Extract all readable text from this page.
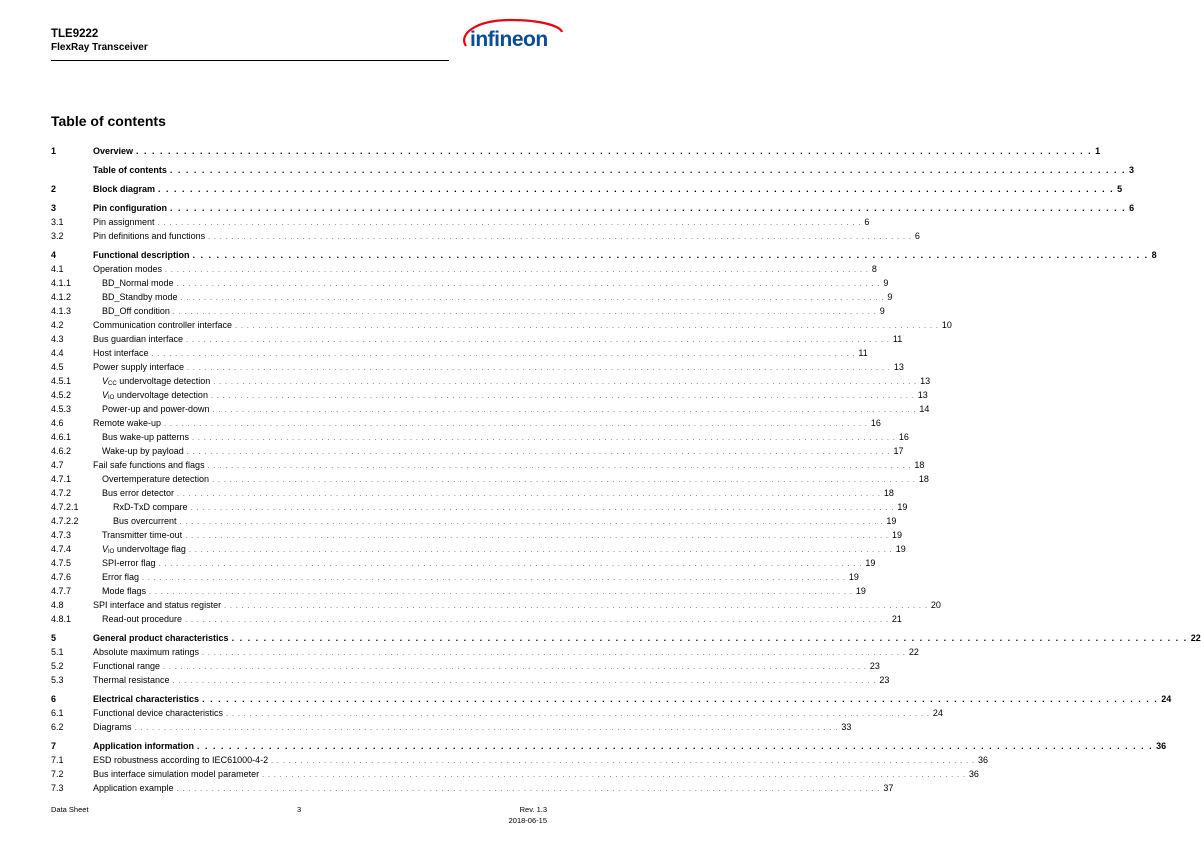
TLE9222
FlexRay Transceiver	infineon
Table of contents
1	Overview . . . . . . . . . . . . . . . . . . . . . . . . . . . . . . . . . . . . . . . . . . . . . . . . . . . . . . . . . . . . . . . . . . . . . . . . . . . . . . . . . . . . . . . . . . . . . . . . . . . . . . . . . . . . . . . . . . . . . . . . 1
Table of contents . . . . . . . . . . . . . . . . . . . . . . . . . . . . . . . . . . . . . . . . . . . . . . . . . . . . . . . . . . . . . . . . . . . . . . . . . . . . . . . . . . . . . . . . . . . . . . . . . . . . . . . . . . . . . . . . . . . . . . . . 3
2	Block diagram . . . . . . . . . . . . . . . . . . . . . . . . . . . . . . . . . . . . . . . . . . . . . . . . . . . . . . . . . . . . . . . . . . . . . . . . . . . . . . . . . . . . . . . . . . . . . . . . . . . . . . . . . . . . . . . . . . . . . . . . 5
3	Pin configuration . . . . . . . . . . . . . . . . . . . . . . . . . . . . . . . . . . . . . . . . . . . . . . . . . . . . . . . . . . . . . . . . . . . . . . . . . . . . . . . . . . . . . . . . . . . . . . . . . . . . . . . . . . . . . . . . . . . . . . . . 6
3.1	Pin assignment . . . . . . . . . . . . . . . . . . . . . . . . . . . . . . . . . . . . . . . . . . . . . . . . . . . . . . . . . . . . . . . . . . . . . . . . . . . . . . . . . . . . . . . . . . . . . . . . . . . . . . . . . . . . . . . . . . . . . . . . 6
3.2	Pin definitions and functions . . . . . . . . . . . . . . . . . . . . . . . . . . . . . . . . . . . . . . . . . . . . . . . . . . . . . . . . . . . . . . . . . . . . . . . . . . . . . . . . . . . . . . . . . . . . . . . . . . . . . . . . . . . . . . . . . . . . . . . . 6
4	Functional description . . . . . . . . . . . . . . . . . . . . . . . . . . . . . . . . . . . . . . . . . . . . . . . . . . . . . . . . . . . . . . . . . . . . . . . . . . . . . . . . . . . . . . . . . . . . . . . . . . . . . . . . . . . . . . . . . . . . . . . . 8
4.1	Operation modes . . . . . . . . . . . . . . . . . . . . . . . . . . . . . . . . . . . . . . . . . . . . . . . . . . . . . . . . . . . . . . . . . . . . . . . . . . . . . . . . . . . . . . . . . . . . . . . . . . . . . . . . . . . . . . . . . . . . . . . . 8
4.1.1	BD_Normal mode . . . . . . . . . . . . . . . . . . . . . . . . . . . . . . . . . . . . . . . . . . . . . . . . . . . . . . . . . . . . . . . . . . . . . . . . . . . . . . . . . . . . . . . . . . . . . . . . . . . . . . . . . . . . . . . . . . . . . . . . 9
4.1.2	BD_Standby mode . . . . . . . . . . . . . . . . . . . . . . . . . . . . . . . . . . . . . . . . . . . . . . . . . . . . . . . . . . . . . . . . . . . . . . . . . . . . . . . . . . . . . . . . . . . . . . . . . . . . . . . . . . . . . . . . . . . . . . . . 9
4.1.3	BD_Off condition . . . . . . . . . . . . . . . . . . . . . . . . . . . . . . . . . . . . . . . . . . . . . . . . . . . . . . . . . . . . . . . . . . . . . . . . . . . . . . . . . . . . . . . . . . . . . . . . . . . . . . . . . . . . . . . . . . . . . . . . 9
4.2	Communication controller interface . . . . . . . . . . . . . . . . . . . . . . . . . . . . . . . . . . . . . . . . . . . . . . . . . . . . . . . . . . . . . . . . . . . . . . . . . . . . . . . . . . . . . . . . . . . . . . . . . . . . . . . . . . . . . . . . . . . . . . . . 10
4.3	Bus guardian interface . . . . . . . . . . . . . . . . . . . . . . . . . . . . . . . . . . . . . . . . . . . . . . . . . . . . . . . . . . . . . . . . . . . . . . . . . . . . . . . . . . . . . . . . . . . . . . . . . . . . . . . . . . . . . . . . . . . . . . . . 11
4.4	Host interface . . . . . . . . . . . . . . . . . . . . . . . . . . . . . . . . . . . . . . . . . . . . . . . . . . . . . . . . . . . . . . . . . . . . . . . . . . . . . . . . . . . . . . . . . . . . . . . . . . . . . . . . . . . . . . . . . . . . . . . . 11
4.5	Power supply interface . . . . . . . . . . . . . . . . . . . . . . . . . . . . . . . . . . . . . . . . . . . . . . . . . . . . . . . . . . . . . . . . . . . . . . . . . . . . . . . . . . . . . . . . . . . . . . . . . . . . . . . . . . . . . . . . . . . . . . . . 13
4.5.1	$V_{CC}$ undervoltage detection . . . . . . . . . . . . . . . . . . . . . . . . . . . . . . . . . . . . . . . . . . . . . . . . . . . . . . . . . . . . . . . . . . . . . . . . . . . . . . . . . . . . . . . . . . . . . . . . . . . . . . . . . . . . . . . . . . . . . . . . 13
4.5.2	$V_{IO}$ undervoltage detection . . . . . . . . . . . . . . . . . . . . . . . . . . . . . . . . . . . . . . . . . . . . . . . . . . . . . . . . . . . . . . . . . . . . . . . . . . . . . . . . . . . . . . . . . . . . . . . . . . . . . . . . . . . . . . . . . . . . . . . . 13
4.5.3	Power-up and power-down . . . . . . . . . . . . . . . . . . . . . . . . . . . . . . . . . . . . . . . . . . . . . . . . . . . . . . . . . . . . . . . . . . . . . . . . . . . . . . . . . . . . . . . . . . . . . . . . . . . . . . . . . . . . . . . . . . . . . . . . 14
4.6	Remote wake-up . . . . . . . . . . . . . . . . . . . . . . . . . . . . . . . . . . . . . . . . . . . . . . . . . . . . . . . . . . . . . . . . . . . . . . . . . . . . . . . . . . . . . . . . . . . . . . . . . . . . . . . . . . . . . . . . . . . . . . . . 16
4.6.1	Bus wake-up patterns . . . . . . . . . . . . . . . . . . . . . . . . . . . . . . . . . . . . . . . . . . . . . . . . . . . . . . . . . . . . . . . . . . . . . . . . . . . . . . . . . . . . . . . . . . . . . . . . . . . . . . . . . . . . . . . . . . . . . . . . 16
4.6.2	Wake-up by payload . . . . . . . . . . . . . . . . . . . . . . . . . . . . . . . . . . . . . . . . . . . . . . . . . . . . . . . . . . . . . . . . . . . . . . . . . . . . . . . . . . . . . . . . . . . . . . . . . . . . . . . . . . . . . . . . . . . . . . . . 17
4.7	Fail safe functions and flags . . . . . . . . . . . . . . . . . . . . . . . . . . . . . . . . . . . . . . . . . . . . . . . . . . . . . . . . . . . . . . . . . . . . . . . . . . . . . . . . . . . . . . . . . . . . . . . . . . . . . . . . . . . . . . . . . . . . . . . . 18
4.7.1	Overtemperature detection . . . . . . . . . . . . . . . . . . . . . . . . . . . . . . . . . . . . . . . . . . . . . . . . . . . . . . . . . . . . . . . . . . . . . . . . . . . . . . . . . . . . . . . . . . . . . . . . . . . . . . . . . . . . . . . . . . . . . . . . 18
4.7.2	Bus error detector . . . . . . . . . . . . . . . . . . . . . . . . . . . . . . . . . . . . . . . . . . . . . . . . . . . . . . . . . . . . . . . . . . . . . . . . . . . . . . . . . . . . . . . . . . . . . . . . . . . . . . . . . . . . . . . . . . . . . . . . 18
4.7.2.1	RxD-TxD compare . . . . . . . . . . . . . . . . . . . . . . . . . . . . . . . . . . . . . . . . . . . . . . . . . . . . . . . . . . . . . . . . . . . . . . . . . . . . . . . . . . . . . . . . . . . . . . . . . . . . . . . . . . . . . . . . . . . . . . . . 19
4.7.2.2	Bus overcurrent . . . . . . . . . . . . . . . . . . . . . . . . . . . . . . . . . . . . . . . . . . . . . . . . . . . . . . . . . . . . . . . . . . . . . . . . . . . . . . . . . . . . . . . . . . . . . . . . . . . . . . . . . . . . . . . . . . . . . . . . 19
4.7.3	Transmitter time-out . . . . . . . . . . . . . . . . . . . . . . . . . . . . . . . . . . . . . . . . . . . . . . . . . . . . . . . . . . . . . . . . . . . . . . . . . . . . . . . . . . . . . . . . . . . . . . . . . . . . . . . . . . . . . . . . . . . . . . . . 19
4.7.4	$V_{IO}$ undervoltage flag . . . . . . . . . . . . . . . . . . . . . . . . . . . . . . . . . . . . . . . . . . . . . . . . . . . . . . . . . . . . . . . . . . . . . . . . . . . . . . . . . . . . . . . . . . . . . . . . . . . . . . . . . . . . . . . . . . . . . . . . 19
4.7.5	SPI-error flag . . . . . . . . . . . . . . . . . . . . . . . . . . . . . . . . . . . . . . . . . . . . . . . . . . . . . . . . . . . . . . . . . . . . . . . . . . . . . . . . . . . . . . . . . . . . . . . . . . . . . . . . . . . . . . . . . . . . . . . . 19
4.7.6	Error flag . . . . . . . . . . . . . . . . . . . . . . . . . . . . . . . . . . . . . . . . . . . . . . . . . . . . . . . . . . . . . . . . . . . . . . . . . . . . . . . . . . . . . . . . . . . . . . . . . . . . . . . . . . . . . . . . . . . . . . . . 19
4.7.7	Mode flags . . . . . . . . . . . . . . . . . . . . . . . . . . . . . . . . . . . . . . . . . . . . . . . . . . . . . . . . . . . . . . . . . . . . . . . . . . . . . . . . . . . . . . . . . . . . . . . . . . . . . . . . . . . . . . . . . . . . . . . . 19
4.8	SPI interface and status register . . . . . . . . . . . . . . . . . . . . . . . . . . . . . . . . . . . . . . . . . . . . . . . . . . . . . . . . . . . . . . . . . . . . . . . . . . . . . . . . . . . . . . . . . . . . . . . . . . . . . . . . . . . . . . . . . . . . . . . . 20
4.8.1	Read-out procedure . . . . . . . . . . . . . . . . . . . . . . . . . . . . . . . . . . . . . . . . . . . . . . . . . . . . . . . . . . . . . . . . . . . . . . . . . . . . . . . . . . . . . . . . . . . . . . . . . . . . . . . . . . . . . . . . . . . . . . . . 21
5	General product characteristics . . . . . . . . . . . . . . . . . . . . . . . . . . . . . . . . . . . . . . . . . . . . . . . . . . . . . . . . . . . . . . . . . . . . . . . . . . . . . . . . . . . . . . . . . . . . . . . . . . . . . . . . . . . . . . . . . . . . . . . . 22
5.1	Absolute maximum ratings . . . . . . . . . . . . . . . . . . . . . . . . . . . . . . . . . . . . . . . . . . . . . . . . . . . . . . . . . . . . . . . . . . . . . . . . . . . . . . . . . . . . . . . . . . . . . . . . . . . . . . . . . . . . . . . . . . . . . . . . 22
5.2	Functional range . . . . . . . . . . . . . . . . . . . . . . . . . . . . . . . . . . . . . . . . . . . . . . . . . . . . . . . . . . . . . . . . . . . . . . . . . . . . . . . . . . . . . . . . . . . . . . . . . . . . . . . . . . . . . . . . . . . . . . . . 23
5.3	Thermal resistance . . . . . . . . . . . . . . . . . . . . . . . . . . . . . . . . . . . . . . . . . . . . . . . . . . . . . . . . . . . . . . . . . . . . . . . . . . . . . . . . . . . . . . . . . . . . . . . . . . . . . . . . . . . . . . . . . . . . . . . . 23
6	Electrical characteristics . . . . . . . . . . . . . . . . . . . . . . . . . . . . . . . . . . . . . . . . . . . . . . . . . . . . . . . . . . . . . . . . . . . . . . . . . . . . . . . . . . . . . . . . . . . . . . . . . . . . . . . . . . . . . . . . . . . . . . . . 24
6.1	Functional device characteristics . . . . . . . . . . . . . . . . . . . . . . . . . . . . . . . . . . . . . . . . . . . . . . . . . . . . . . . . . . . . . . . . . . . . . . . . . . . . . . . . . . . . . . . . . . . . . . . . . . . . . . . . . . . . . . . . . . . . . . . . 24
6.2	Diagrams . . . . . . . . . . . . . . . . . . . . . . . . . . . . . . . . . . . . . . . . . . . . . . . . . . . . . . . . . . . . . . . . . . . . . . . . . . . . . . . . . . . . . . . . . . . . . . . . . . . . . . . . . . . . . . . . . . . . . . . . 33
7	Application information . . . . . . . . . . . . . . . . . . . . . . . . . . . . . . . . . . . . . . . . . . . . . . . . . . . . . . . . . . . . . . . . . . . . . . . . . . . . . . . . . . . . . . . . . . . . . . . . . . . . . . . . . . . . . . . . . . . . . . . . 36
7.1	ESD robustness according to IEC61000-4-2 . . . . . . . . . . . . . . . . . . . . . . . . . . . . . . . . . . . . . . . . . . . . . . . . . . . . . . . . . . . . . . . . . . . . . . . . . . . . . . . . . . . . . . . . . . . . . . . . . . . . . . . . . . . . . . . . . . . . . . . . 36
7.2	Bus interface simulation model parameter . . . . . . . . . . . . . . . . . . . . . . . . . . . . . . . . . . . . . . . . . . . . . . . . . . . . . . . . . . . . . . . . . . . . . . . . . . . . . . . . . . . . . . . . . . . . . . . . . . . . . . . . . . . . . . . . . . . . . . . . 36
7.3	Application example . . . . . . . . . . . . . . . . . . . . . . . . . . . . . . . . . . . . . . . . . . . . . . . . . . . . . . . . . . . . . . . . . . . . . . . . . . . . . . . . . . . . . . . . . . . . . . . . . . . . . . . . . . . . . . . . . . . . . . . . 37
Data Sheet	3	Rev. 1.3
2018-06-15
